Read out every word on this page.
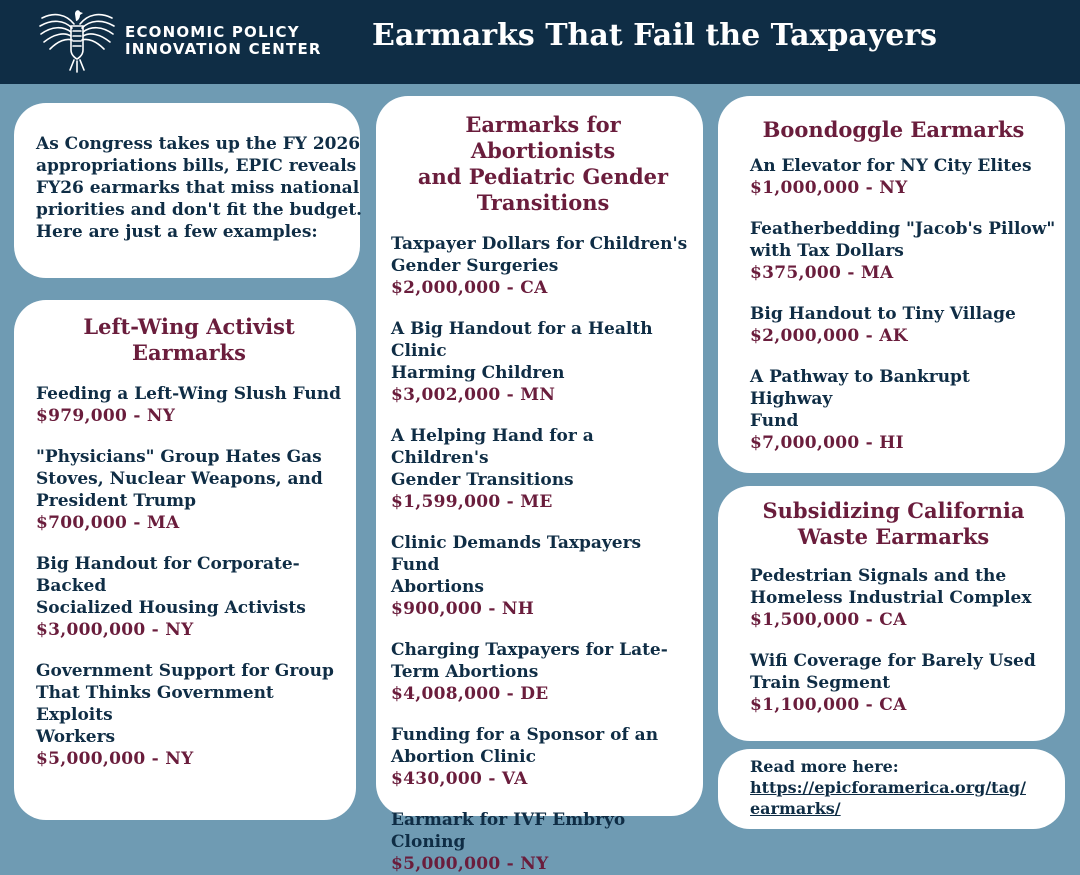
ECONOMIC POLICY
INNOVATION CENTER Earmarks That Fail the Taxpayers
As Congress takes up the FY 2026 appropriations bills, EPIC reveals FY26 earmarks that miss national priorities and don't fit the budget. Here are just a few examples:
Left-Wing Activist
Earmarks
Feeding a Left-Wing Slush Fund
$979,000 - NY
"Physicians" Group Hates Gas
Stoves, Nuclear Weapons, and
President Trump
$700,000 - MA
Big Handout for Corporate-Backed
Socialized Housing Activists
$3,000,000 - NY
Government Support for Group
That Thinks Government Exploits
Workers
$5,000,000 - NY
Earmarks for Abortionists
and Pediatric Gender
Transitions
Taxpayer Dollars for Children's
Gender Surgeries
$2,000,000 - CA
A Big Handout for a Health Clinic
Harming Children
$3,002,000 - MN
A Helping Hand for a Children's
Gender Transitions
$1,599,000 - ME
Clinic Demands Taxpayers Fund
Abortions
$900,000 - NH
Charging Taxpayers for Late-
Term Abortions
$4,008,000 - DE
Funding for a Sponsor of an
Abortion Clinic
$430,000 - VA
Earmark for IVF Embryo Cloning
$5,000,000 - NY
Boondoggle Earmarks
An Elevator for NY City Elites
$1,000,000 - NY
Featherbedding "Jacob's Pillow"
with Tax Dollars
$375,000 - MA
Big Handout to Tiny Village
$2,000,000 - AK
A Pathway to Bankrupt Highway
Fund
$7,000,000 - HI
Subsidizing California
Waste Earmarks
Pedestrian Signals and the
Homeless Industrial Complex
$1,500,000 - CA
Wifi Coverage for Barely Used
Train Segment
$1,100,000 - CA
Read more here:
https://epicforamerica.org/tag/
earmarks/
